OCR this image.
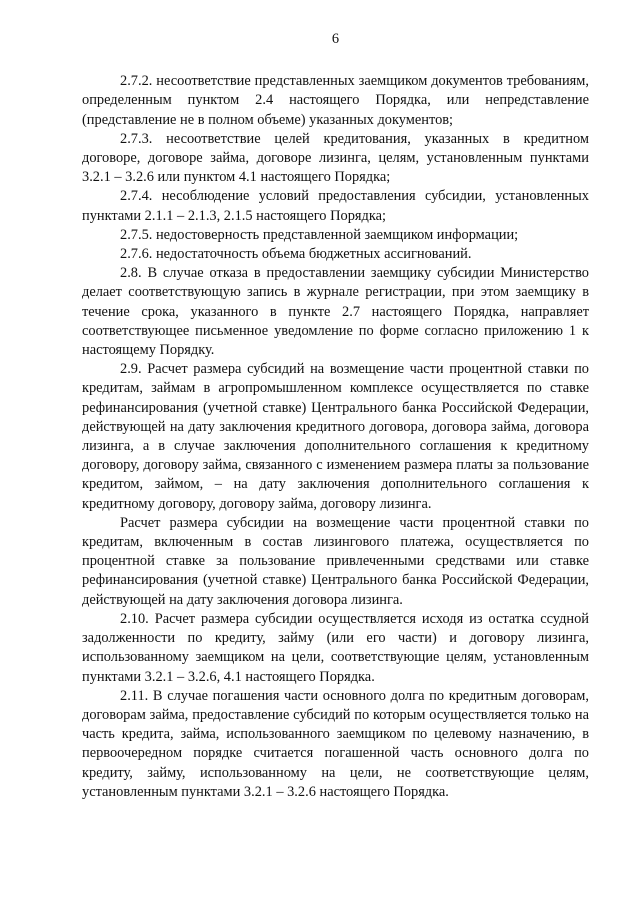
6

2.7.2. несоответствие представленных заемщиком документов требованиям, определенным пунктом 2.4 настоящего Порядка, или непредставление (представление не в полном объеме) указанных документов;

2.7.3. несоответствие целей кредитования, указанных в кредитном договоре, договоре займа, договоре лизинга, целям, установленным пунктами 3.2.1 – 3.2.6 или пунктом 4.1 настоящего Порядка;

2.7.4. несоблюдение условий предоставления субсидии, установленных пунктами 2.1.1 – 2.1.3, 2.1.5 настоящего Порядка;

2.7.5. недостоверность представленной заемщиком информации;

2.7.6. недостаточность объема бюджетных ассигнований.

2.8. В случае отказа в предоставлении заемщику субсидии Министерство делает соответствующую запись в журнале регистрации, при этом заемщику в течение срока, указанного в пункте 2.7 настоящего Порядка, направляет соответствующее письменное уведомление по форме согласно приложению 1 к настоящему Порядку.

2.9. Расчет размера субсидий на возмещение части процентной ставки по кредитам, займам в агропромышленном комплексе осуществляется по ставке рефинансирования (учетной ставке) Центрального банка Российской Федерации, действующей на дату заключения кредитного договора, договора займа, договора лизинга, а в случае заключения дополнительного соглашения к кредитному договору, договору займа, связанного с изменением размера платы за пользование кредитом, займом, – на дату заключения дополнительного соглашения к кредитному договору, договору займа, договору лизинга.

Расчет размера субсидии на возмещение части процентной ставки по кредитам, включенным в состав лизингового платежа, осуществляется по процентной ставке за пользование привлеченными средствами или ставке рефинансирования (учетной ставке) Центрального банка Российской Федерации, действующей на дату заключения договора лизинга.

2.10. Расчет размера субсидии осуществляется исходя из остатка ссудной задолженности по кредиту, займу (или его части) и договору лизинга, использованному заемщиком на цели, соответствующие целям, установленным пунктами 3.2.1 – 3.2.6, 4.1 настоящего Порядка.

2.11. В случае погашения части основного долга по кредитным договорам, договорам займа, предоставление субсидий по которым осуществляется только на часть кредита, займа, использованного заемщиком по целевому назначению, в первоочередном порядке считается погашенной часть основного долга по кредиту, займу, использованному на цели, не соответствующие целям, установленным пунктами 3.2.1 – 3.2.6 настоящего Порядка.
